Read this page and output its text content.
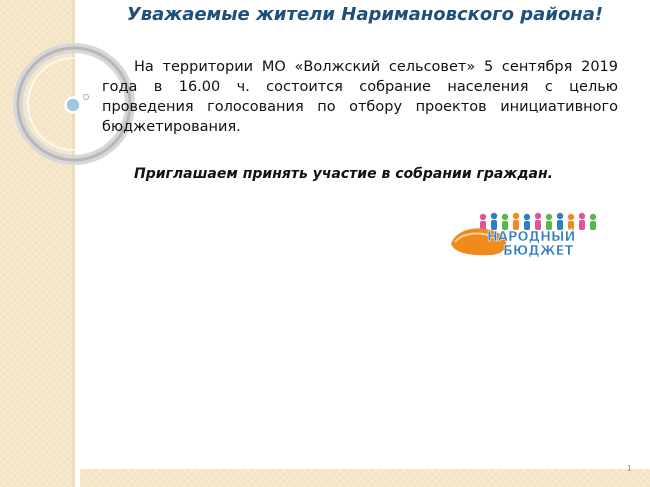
Уважаемые жители Наримановского района!

На территории МО «Волжский сельсовет» 5 сентября 2019 года в 16.00 ч. состоится собрание населения с целью проведения голосования по отбору проектов инициативного бюджетирования.

Приглашаем принять участие в собрании граждан.

НАРОДНЫЙ
БЮДЖЕТ
1
